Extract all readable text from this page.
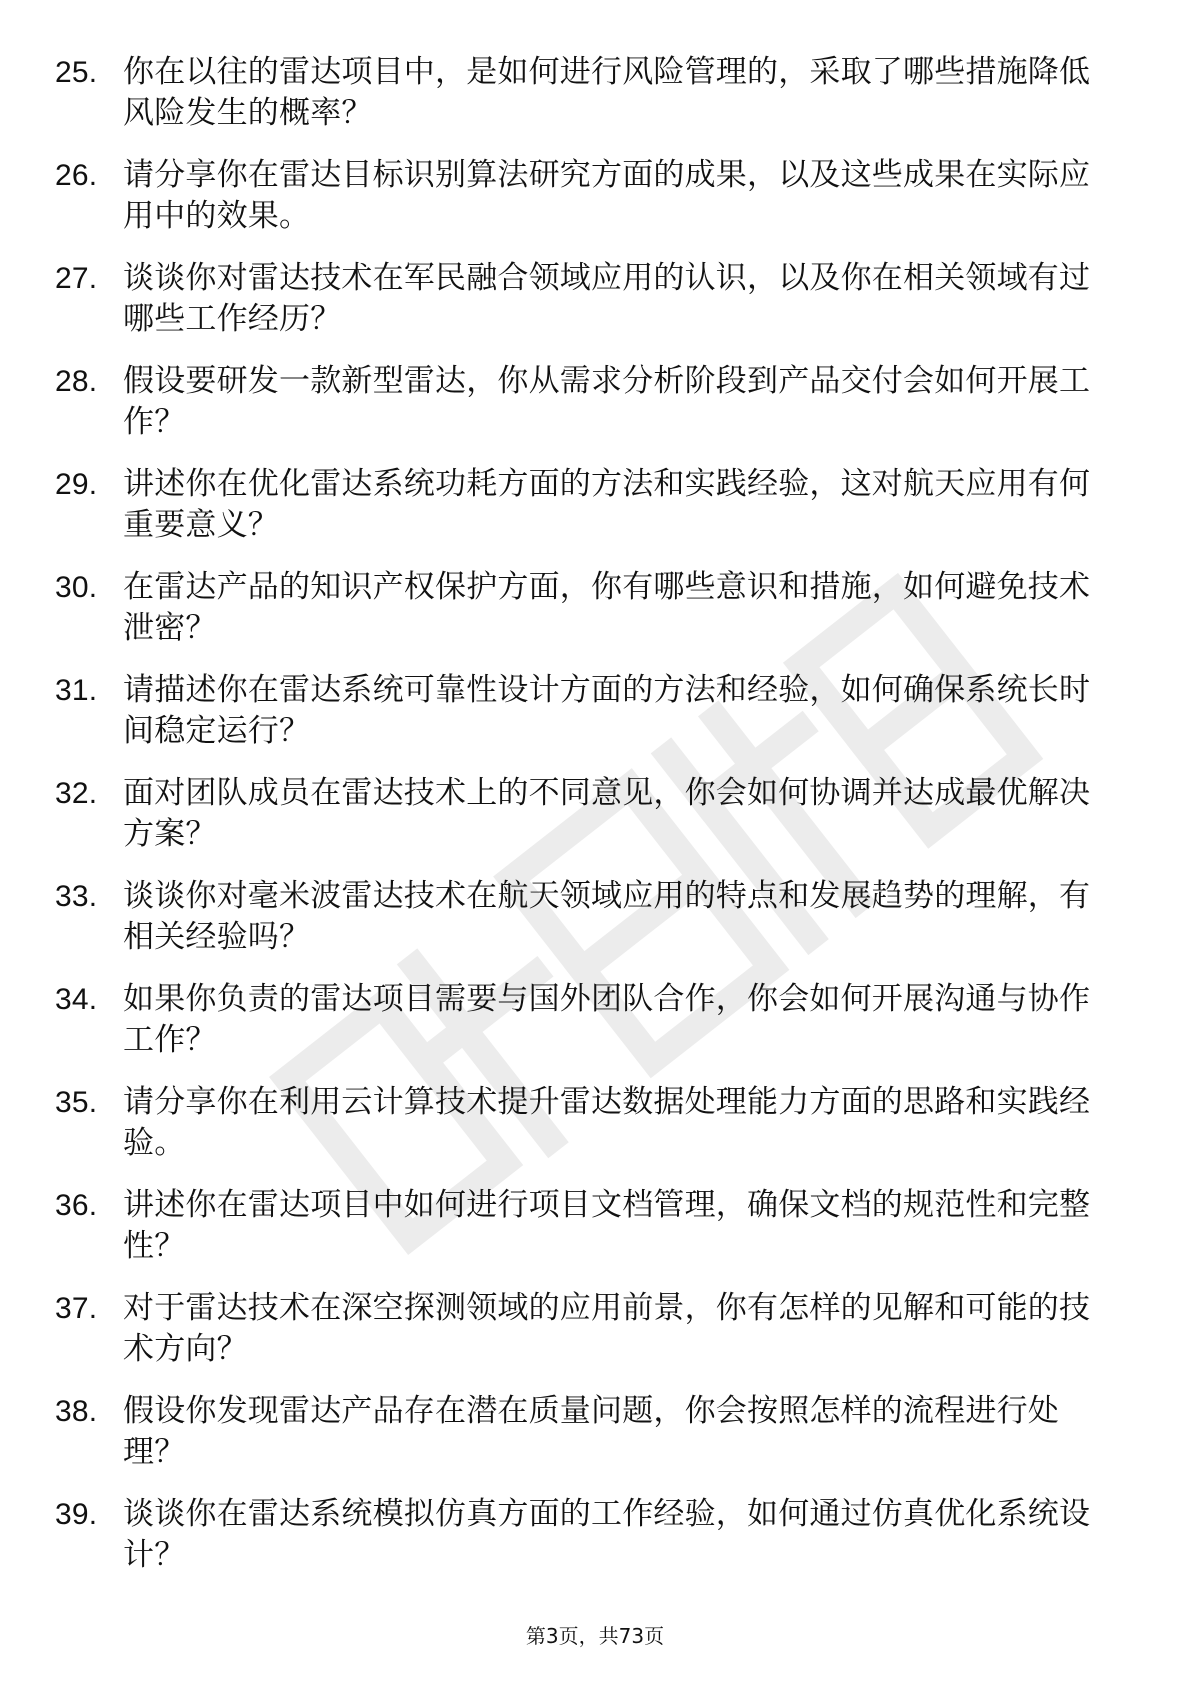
25. 你在以往的雷达项目中，是如何进行风险管理的，采取了哪些措施降低风险发生的概率？
26. 请分享你在雷达目标识别算法研究方面的成果，以及这些成果在实际应用中的效果。
27. 谈谈你对雷达技术在军民融合领域应用的认识，以及你在相关领域有过哪些工作经历？
28. 假设要研发一款新型雷达，你从需求分析阶段到产品交付会如何开展工作？
29. 讲述你在优化雷达系统功耗方面的方法和实践经验，这对航天应用有何重要意义？
30. 在雷达产品的知识产权保护方面，你有哪些意识和措施，如何避免技术泄密？
31. 请描述你在雷达系统可靠性设计方面的方法和经验，如何确保系统长时间稳定运行？
32. 面对团队成员在雷达技术上的不同意见，你会如何协调并达成最优解决方案？
33. 谈谈你对毫米波雷达技术在航天领域应用的特点和发展趋势的理解，有相关经验吗？
34. 如果你负责的雷达项目需要与国外团队合作，你会如何开展沟通与协作工作？
35. 请分享你在利用云计算技术提升雷达数据处理能力方面的思路和实践经验。
36. 讲述你在雷达项目中如何进行项目文档管理，确保文档的规范性和完整性？
37. 对于雷达技术在深空探测领域的应用前景，你有怎样的见解和可能的技术方向？
38. 假设你发现雷达产品存在潜在质量问题，你会按照怎样的流程进行处理？
39. 谈谈你在雷达系统模拟仿真方面的工作经验，如何通过仿真优化系统设计？
第3页，共73页
